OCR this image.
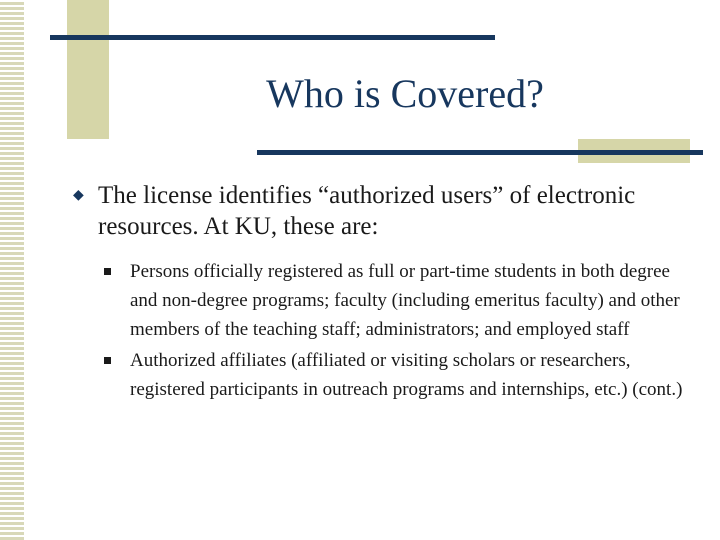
Who is Covered?
◆ The license identifies “authorized users” of electronic resources. At KU, these are:
Persons officially registered as full or part-time students in both degree and non-degree programs; faculty (including emeritus faculty) and other members of the teaching staff; administrators; and employed staff
Authorized affiliates (affiliated or visiting scholars or researchers, registered participants in outreach programs and internships, etc.) (cont.)
